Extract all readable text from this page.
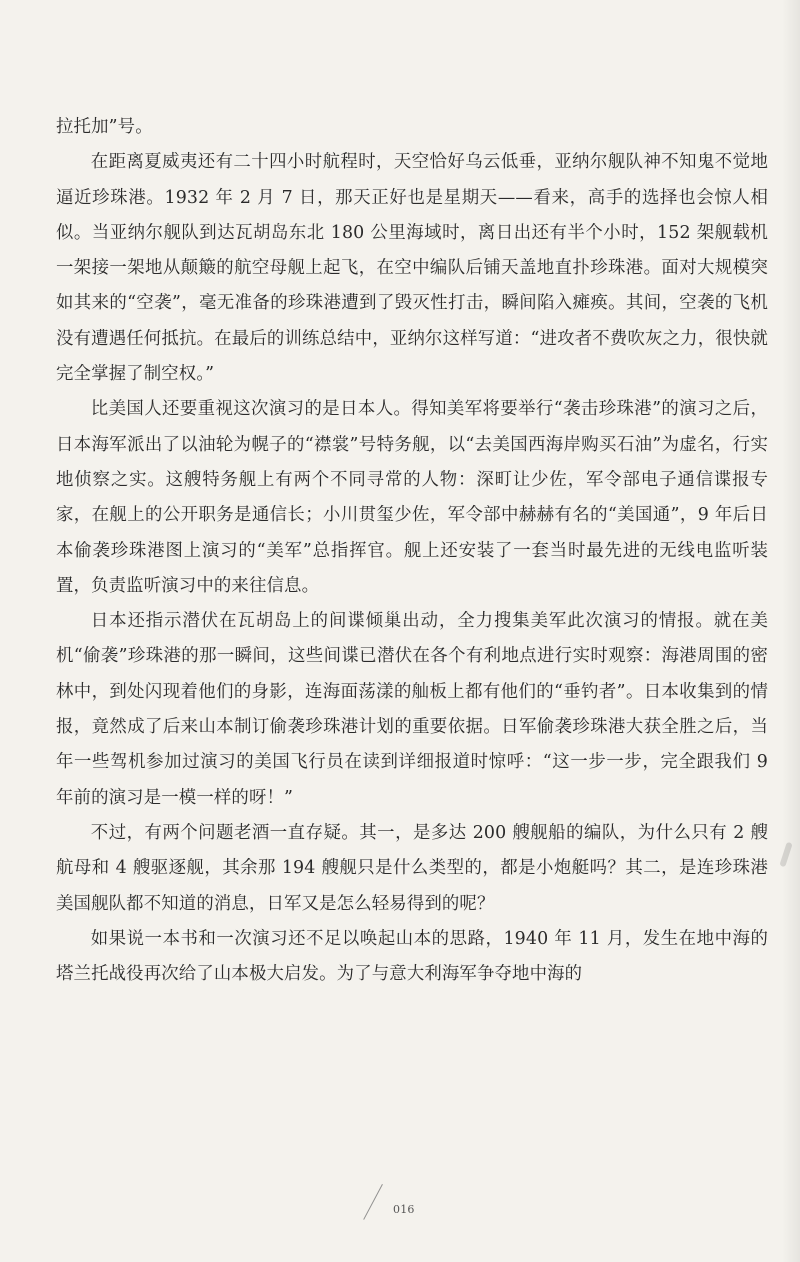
拉托加”号。

在距离夏威夷还有二十四小时航程时，天空恰好乌云低垂，亚纳尔舰队神不知鬼不觉地逼近珍珠港。1932 年 2 月 7 日，那天正好也是星期天——看来，高手的选择也会惊人相似。当亚纳尔舰队到达瓦胡岛东北 180 公里海域时，离日出还有半个小时，152 架舰载机一架接一架地从颠簸的航空母舰上起飞，在空中编队后铺天盖地直扑珍珠港。面对大规模突如其来的“空袭”，毫无准备的珍珠港遭到了毁灭性打击，瞬间陷入瘫痪。其间，空袭的飞机没有遭遇任何抵抗。在最后的训练总结中，亚纳尔这样写道：“进攻者不费吹灰之力，很快就完全掌握了制空权。”

比美国人还要重视这次演习的是日本人。得知美军将要举行“袭击珍珠港”的演习之后，日本海军派出了以油轮为幌子的“襟裳”号特务舰，以“去美国西海岸购买石油”为虚名，行实地侦察之实。这艘特务舰上有两个不同寻常的人物：深町让少佐，军令部电子通信谍报专家，在舰上的公开职务是通信长；小川贯玺少佐，军令部中赫赫有名的“美国通”，9 年后日本偷袭珍珠港图上演习的“美军”总指挥官。舰上还安装了一套当时最先进的无线电监听装置，负责监听演习中的来往信息。

日本还指示潜伏在瓦胡岛上的间谍倾巢出动，全力搜集美军此次演习的情报。就在美机“偷袭”珍珠港的那一瞬间，这些间谍已潜伏在各个有利地点进行实时观察：海港周围的密林中，到处闪现着他们的身影，连海面荡漾的舢板上都有他们的“垂钓者”。日本收集到的情报，竟然成了后来山本制订偷袭珍珠港计划的重要依据。日军偷袭珍珠港大获全胜之后，当年一些驾机参加过演习的美国飞行员在读到详细报道时惊呼：“这一步一步，完全跟我们 9 年前的演习是一模一样的呀！”

不过，有两个问题老酒一直存疑。其一，是多达 200 艘舰船的编队，为什么只有 2 艘航母和 4 艘驱逐舰，其余那 194 艘舰只是什么类型的，都是小炮艇吗？其二，是连珍珠港美国舰队都不知道的消息，日军又是怎么轻易得到的呢？

如果说一本书和一次演习还不足以唤起山本的思路，1940 年 11 月，发生在地中海的塔兰托战役再次给了山本极大启发。为了与意大利海军争夺地中海的

016
